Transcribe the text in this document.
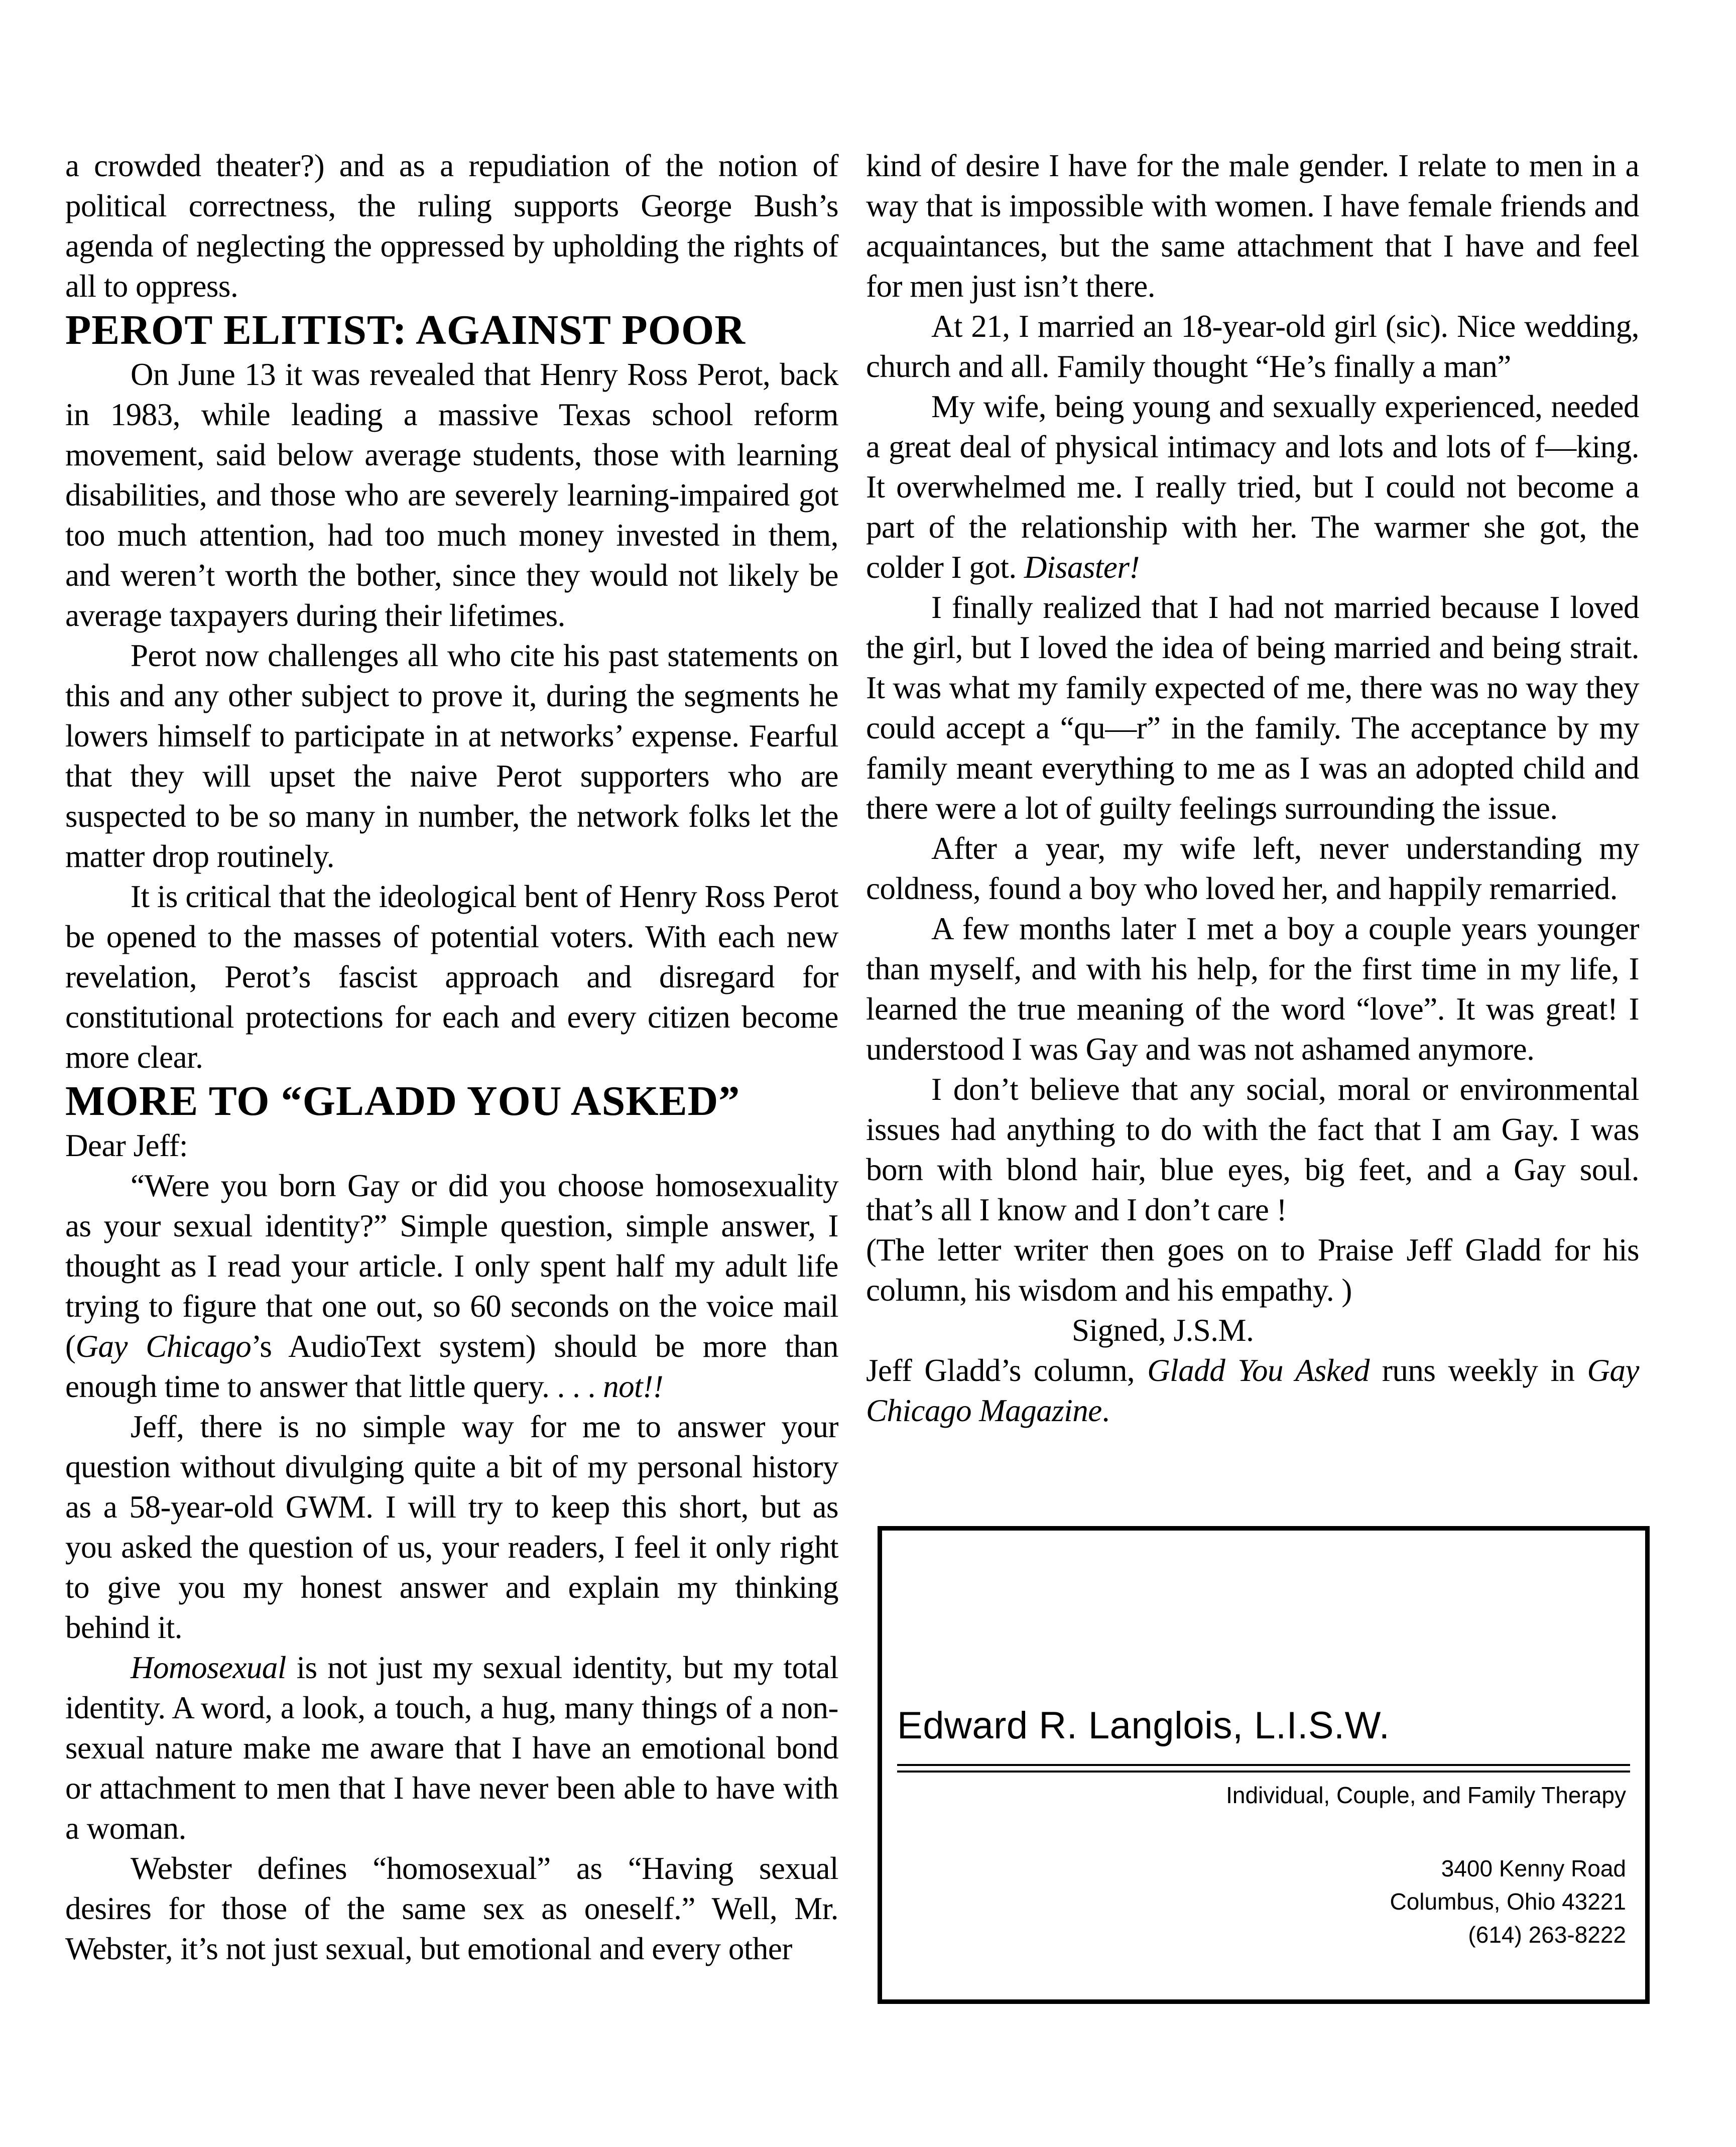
a crowded theater?) and as a repudiation of the notion of political correctness, the ruling supports George Bush’s agenda of neglecting the oppressed by upholding the rights of all to oppress.

PEROT ELITIST: AGAINST POOR

On June 13 it was revealed that Henry Ross Perot, back in 1983, while leading a massive Texas school reform movement, said below average students, those with learning disabilities, and those who are severely learning-impaired got too much attention, had too much money invested in them, and weren’t worth the bother, since they would not likely be average taxpayers during their lifetimes.

Perot now challenges all who cite his past statements on this and any other subject to prove it, during the segments he lowers himself to participate in at networks’ expense. Fearful that they will upset the naive Perot supporters who are suspected to be so many in number, the network folks let the matter drop routinely.

It is critical that the ideological bent of Henry Ross Perot be opened to the masses of potential voters. With each new revelation, Perot’s fascist approach and disregard for constitutional protections for each and every citizen become more clear.

MORE TO “GLADD YOU ASKED”

Dear Jeff:

“Were you born Gay or did you choose homosexuality as your sexual identity?” Simple question, simple answer, I thought as I read your article. I only spent half my adult life trying to figure that one out, so 60 seconds on the voice mail (Gay Chicago’s AudioText system) should be more than enough time to answer that little query. . . . not!!

Jeff, there is no simple way for me to answer your question without divulging quite a bit of my personal history as a 58-year-old GWM. I will try to keep this short, but as you asked the question of us, your readers, I feel it only right to give you my honest answer and explain my thinking behind it.

Homosexual is not just my sexual identity, but my total identity. A word, a look, a touch, a hug, many things of a non-sexual nature make me aware that I have an emotional bond or attachment to men that I have never been able to have with a woman.

Webster defines “homosexual” as “Having sexual desires for those of the same sex as oneself.” Well, Mr. Webster, it’s not just sexual, but emotional and every other

kind of desire I have for the male gender. I relate to men in a way that is impossible with women. I have female friends and acquaintances, but the same attachment that I have and feel for men just isn’t there.

At 21, I married an 18-year-old girl (sic). Nice wedding, church and all. Family thought “He’s finally a man”

My wife, being young and sexually experienced, needed a great deal of physical intimacy and lots and lots of f—king. It overwhelmed me. I really tried, but I could not become a part of the relationship with her. The warmer she got, the colder I got. Disaster!

I finally realized that I had not married because I loved the girl, but I loved the idea of being married and being strait. It was what my family expected of me, there was no way they could accept a “qu—r” in the family. The acceptance by my family meant everything to me as I was an adopted child and there were a lot of guilty feelings surrounding the issue.

After a year, my wife left, never understanding my coldness, found a boy who loved her, and happily remarried.

A few months later I met a boy a couple years younger than myself, and with his help, for the first time in my life, I learned the true meaning of the word “love”. It was great! I understood I was Gay and was not ashamed anymore.

I don’t believe that any social, moral or environmental issues had anything to do with the fact that I am Gay. I was born with blond hair, blue eyes, big feet, and a Gay soul. that’s all I know and I don’t care !

(The letter writer then goes on to Praise Jeff Gladd for his column, his wisdom and his empathy. )

Signed, J.S.M.

Jeff Gladd’s column, Gladd You Asked runs weekly in Gay Chicago Magazine.

Edward R. Langlois, L.I.S.W.
Individual, Couple, and Family Therapy
3400 Kenny Road
Columbus, Ohio 43221
(614) 263-8222
